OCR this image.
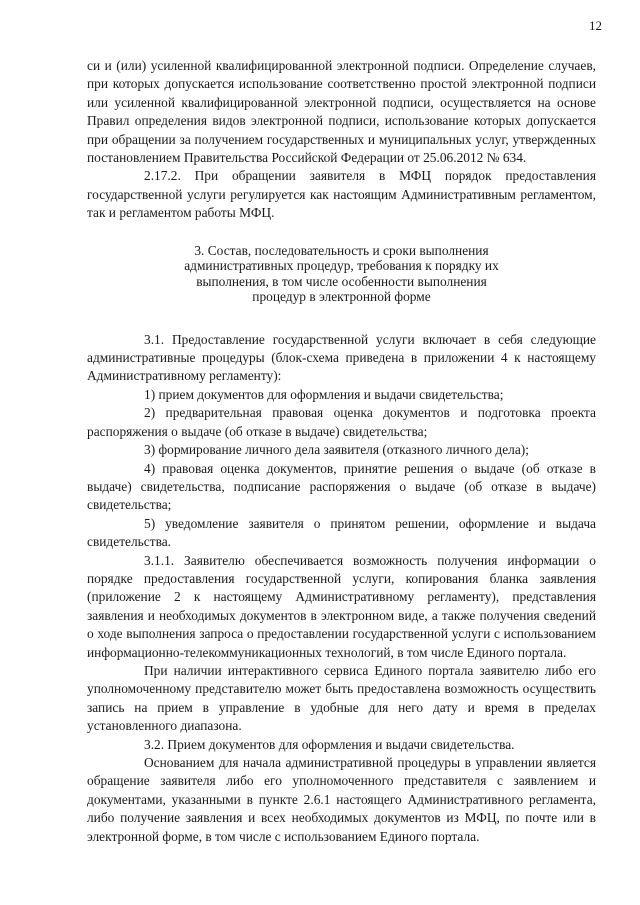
12

си и (или) усиленной квалифицированной электронной подписи. Определение случаев, при которых допускается использование соответственно простой электронной подписи или усиленной квалифицированной электронной подписи, осуществляется на основе Правил определения видов электронной подписи, использование которых допускается при обращении за получением государственных и муниципальных услуг, утвержденных постановлением Правительства Российской Федерации от 25.06.2012 № 634.

2.17.2. При обращении заявителя в МФЦ порядок предоставления государственной услуги регулируется как настоящим Административным регламентом, так и регламентом работы МФЦ.

3. Состав, последовательность и сроки выполнения
административных процедур, требования к порядку их
выполнения, в том числе особенности выполнения
процедур в электронной форме

3.1. Предоставление государственной услуги включает в себя следующие административные процедуры (блок-схема приведена в приложении 4 к настоящему Административному регламенту):

1) прием документов для оформления и выдачи свидетельства;

2) предварительная правовая оценка документов и подготовка проекта распоряжения о выдаче (об отказе в выдаче) свидетельства;

3) формирование личного дела заявителя (отказного личного дела);

4) правовая оценка документов, принятие решения о выдаче (об отказе в выдаче) свидетельства, подписание распоряжения о выдаче (об отказе в выдаче) свидетельства;

5) уведомление заявителя о принятом решении, оформление и выдача свидетельства.

3.1.1. Заявителю обеспечивается возможность получения информации о порядке предоставления государственной услуги, копирования бланка заявления (приложение 2 к настоящему Административному регламенту), представления заявления и необходимых документов в электронном виде, а также получения сведений о ходе выполнения запроса о предоставлении государственной услуги с использованием информационно-телекоммуникационных технологий, в том числе Единого портала.

При наличии интерактивного сервиса Единого портала заявителю либо его уполномоченному представителю может быть предоставлена возможность осуществить запись на прием в управление в удобные для него дату и время в пределах установленного диапазона.

3.2. Прием документов для оформления и выдачи свидетельства.

Основанием для начала административной процедуры в управлении является обращение заявителя либо его уполномоченного представителя с заявлением и документами, указанными в пункте 2.6.1 настоящего Административного регламента, либо получение заявления и всех необходимых документов из МФЦ, по почте или в электронной форме, в том числе с использованием Единого портала.
